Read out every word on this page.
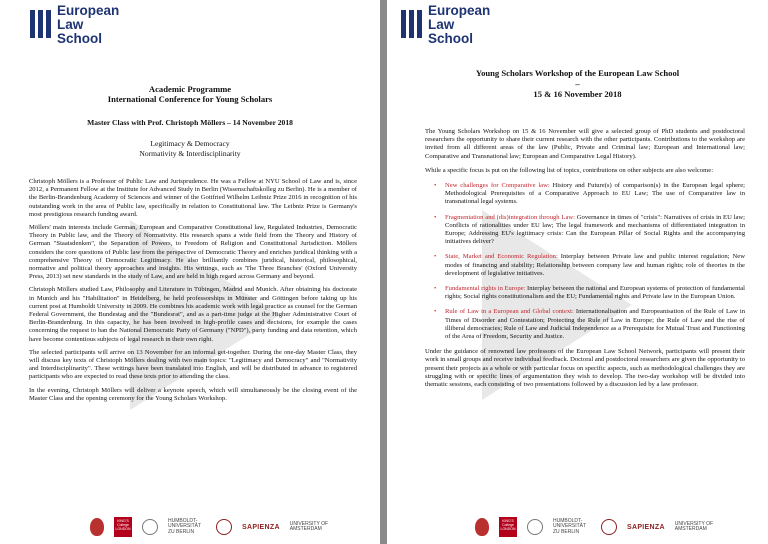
European
Law
School
Academic Programme
International Conference for Young Scholars
Master Class with Prof. Christoph Möllers – 14 November 2018
Legitimacy & Democracy
Normativity & Interdisciplinarity

Christoph Möllers is a Professor of Public Law and Jurisprudence. He was a Fellow at NYU School of Law and is, since 2012, a Permanent Fellow at the Institute for Advanced Study in Berlin (Wissenschaftskolleg zu Berlin). He is a member of the Berlin-Brandenburg Academy of Sciences and winner of the Gottfried Wilhelm Leibniz Prize 2016 in recognition of his outstanding work in the area of Public law, specifically in relation to Constitutional law. The Leibniz Prize is Germany's most prestigious research funding award.

Möllers' main interests include German, European and Comparative Constitutional law, Regulated Industries, Democratic Theory in Public law, and the Theory of Normativity. His research spans a wide field from the Theory and History of German "Staatsdenken", the Separation of Powers, to Freedom of Religion and Constitutional Jurisdiction. Möllers considers the core questions of Public law from the perspective of Democratic Theory and enriches juridical thinking with a comprehensive Theory of Democratic Legitimacy. He also brilliantly combines juridical, historical, philosophical, normative and political theory approaches and insights. His writings, such as 'The Three Branches' (Oxford University Press, 2013) set new standards in the study of Law, and are held in high regard across Germany and beyond.

Christoph Möllers studied Law, Philosophy and Literature in Tübingen, Madrid and Munich. After obtaining his doctorate in Munich and his "Habilitation" in Heidelberg, he held professorships in Münster and Göttingen before taking up his current post at Humboldt University in 2009. He combines his academic work with legal practice as counsel for the German Federal Government, the Bundestag and the "Bundesrat", and as a part-time judge at the Higher Administrative Court of Berlin-Brandenburg. In this capacity, he has been involved in high-profile cases and decisions, for example the cases concerning the request to ban the National Democratic Party of Germany ("NPD"), party funding and data retention, which have become contentious subjects of legal research in their own right.

The selected participants will arrive on 13 November for an informal get-together. During the one-day Master Class, they will discuss key texts of Christoph Möllers dealing with two main topics: "Legitimacy and Democracy" and "Normativity and Interdisciplinarity". These writings have been translated into English, and will be distributed in advance to registered participants who are expected to read these texts prior to attending the class.

In the evening, Christoph Möllers will deliver a keynote speech, which will simultaneously be the closing event of the Master Class and the opening ceremony for the Young Scholars Workshop.

KING'S College LONDON
HUMBOLDT-UNIVERSITÄT ZU BERLIN
SAPIENZA UNIVERSITY OF AMSTERDAM
European
Law
School
Young Scholars Workshop of the European Law School
–
15 & 16 November 2018

The Young Scholars Workshop on 15 & 16 November will give a selected group of PhD students and postdoctoral researchers the opportunity to share their current research with the other participants. Contributions to the workshop are invited from all different areas of the law (Public, Private and Criminal law; European and International law; Comparative and Transnational law; European and Comparative Legal History).

While a specific focus is put on the following list of topics, contributions on other subjects are also welcome:

• New challenges for Comparative law: History and Future(s) of comparison(s) in the European legal sphere; Methodological Prerequisites of a Comparative Approach to EU Law; The use of Comparative law in transnational legal systems.
• Fragmentation and (dis)integration through Law: Governance in times of "crisis": Narratives of crisis in EU law; Conflicts of rationalities under EU law; The legal framework and mechanisms of differentiated integration in Europe; Addressing EU's legitimacy crisis: Can the European Pillar of Social Rights and the accompanying initiatives deliver?
• State, Market and Economic Regulation: Interplay between Private law and public interest regulation; New modes of financing and stability; Relationship between company law and human rights; role of theories in the development of legislative initiatives.
• Fundamental rights in Europe: Interplay between the national and European systems of protection of fundamental rights; Social rights constitutionalism and the EU; Fundamental rights and Private law in the European Union.
• Rule of Law in a European and Global context: Internationalisation and Europeanisation of the Rule of Law in Times of Disorder and Contestation; Protecting the Rule of Law in Europe; the Rule of Law and the rise of illiberal democracies; Rule of Law and Judicial Independence as a Prerequisite for Mutual Trust and Functioning of the Area of Freedom, Security and Justice.

Under the guidance of renowned law professors of the European Law School Network, participants will present their work in small groups and receive individual feedback. Doctoral and postdoctoral researchers are given the opportunity to present their projects as a whole or with particular focus on specific aspects, such as methodological challenges they are struggling with or specific lines of argumentation they wish to develop. The two-day workshop will be divided into thematic sessions, each consisting of two presentations followed by a discussion led by a law professor.

KING'S College LONDON
HUMBOLDT-UNIVERSITÄT ZU BERLIN
SAPIENZA UNIVERSITY OF AMSTERDAM
